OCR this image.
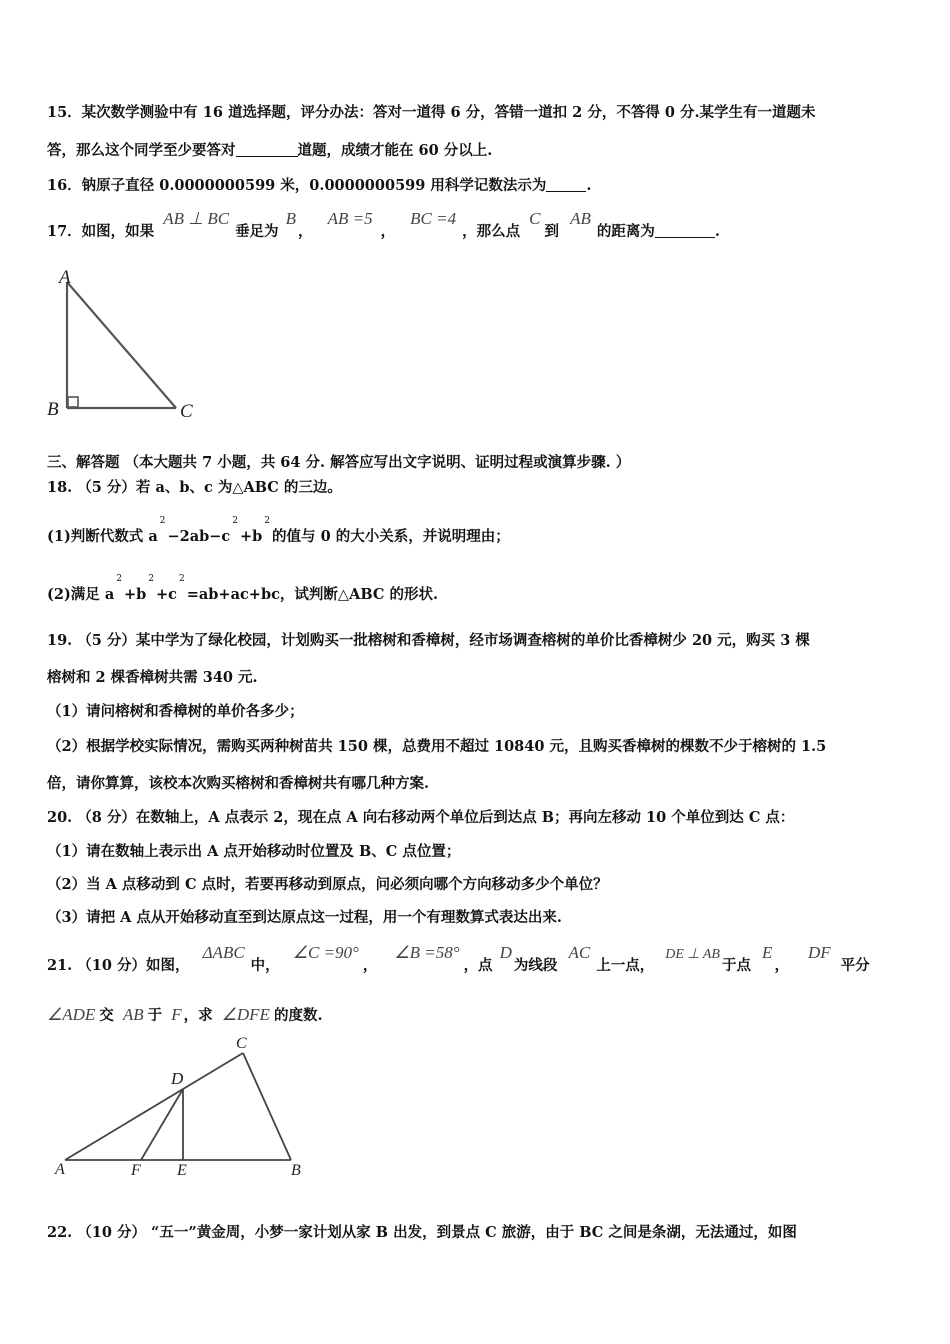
15．某次数学测验中有 16 道选择题，评分办法：答对一道得 6 分，答错一道扣 2 分，不答得 0 分.某学生有一道题未
答，那么这个同学至少要答对	道题，成绩才能在 60 分以上.
16．钠原子直径 0.0000000599 米，0.0000000599 用科学记数法示为	.
17．如图，如果 AB ⊥ BC垂足为 B， AB =5， BC =4，那么点 C到 AB的距离为	.
A
B	C
三、解答题 （本大题共 7 小题，共 64 分. 解答应写出文字说明、证明过程或演算步骤. ）
18. （5 分）若 a、b、c 为△ABC 的三边。
(1)判断代数式 $a^2-2ab-c^2+b^2$的值与 0 的大小关系，并说明理由；
(2)满足 $a^2+b^2+c^2=ab+ac+bc$，试判断△ABC 的形状.
19. （5 分）某中学为了绿化校园，计划购买一批榕树和香樟树，经市场调查榕树的单价比香樟树少 20 元，购买 3 棵
榕树和 2 棵香樟树共需 340 元.
（1）请问榕树和香樟树的单价各多少；
（2）根据学校实际情况，需购买两种树苗共 150 棵，总费用不超过 10840 元，且购买香樟树的棵数不少于榕树的 1.5
倍，请你算算，该校本次购买榕树和香樟树共有哪几种方案.
20. （8 分）在数轴上，A 点表示 2，现在点 A 向右移动两个单位后到达点 B；再向左移动 10 个单位到达 C 点：
（1）请在数轴上表示出 A 点开始移动时位置及 B、C 点位置；
（2）当 A 点移动到 C 点时，若要再移动到原点，问必须向哪个方向移动多少个单位？
（3）请把 A 点从开始移动直至到达原点这一过程，用一个有理数算式表达出来.
21. （10 分）如图， ΔABC中， ∠C =90°， ∠B =58°，点 D为线段 AC上一点， DE ⊥ AB于点 E， DF平分
∠ADE 交 AB 于 F ，求 ∠DFE 的度数.
A	F E	B
D
C
22. （10 分） “五一”黄金周，小梦一家计划从家 B 出发，到景点 C 旅游，由于 BC 之间是条湖，无法通过，如图
